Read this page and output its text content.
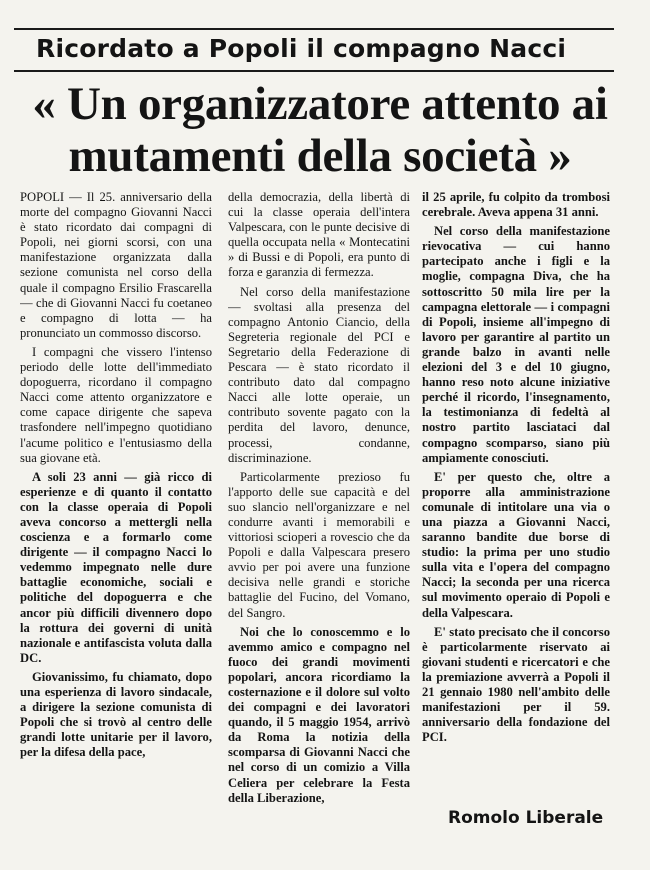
Ricordato a Popoli il compagno Nacci
« Un organizzatore attento ai
mutamenti della società »

POPOLI — Il 25. anniversario della morte del compagno Giovanni Nacci è stato ricordato dai compagni di Popoli, nei giorni scorsi, con una manifestazione organizzata dalla sezione comunista nel corso della quale il compagno Ersilio Frascarella — che di Giovanni Nacci fu coetaneo e compagno di lotta — ha pronunciato un commosso discorso.

I compagni che vissero l'intenso periodo delle lotte dell'immediato dopoguerra, ricordano il compagno Nacci come attento organizzatore e come capace dirigente che sapeva trasfondere nell'impegno quotidiano l'acume politico e l'entusiasmo della sua giovane età.

A soli 23 anni — già ricco di esperienze e di quanto il contatto con la classe operaia di Popoli aveva concorso a mettergli nella coscienza e a formarlo come dirigente — il compagno Nacci lo vedemmo impegnato nelle dure battaglie economiche, sociali e politiche del dopoguerra e che ancor più difficili divennero dopo la rottura dei governi di unità nazionale e antifascista voluta dalla DC.

Giovanissimo, fu chiamato, dopo una esperienza di lavoro sindacale, a dirigere la sezione comunista di Popoli che si trovò al centro delle grandi lotte unitarie per il lavoro, per la difesa della pace,

della democrazia, della libertà di cui la classe operaia dell'intera Valpescara, con le punte decisive di quella occupata nella « Montecatini » di Bussi e di Popoli, era punto di forza e garanzia di fermezza.

Nel corso della manifestazione — svoltasi alla presenza del compagno Antonio Ciancio, della Segreteria regionale del PCI e Segretario della Federazione di Pescara — è stato ricordato il contributo dato dal compagno Nacci alle lotte operaie, un contributo sovente pagato con la perdita del lavoro, denunce, processi, condanne, discriminazione.

Particolarmente prezioso fu l'apporto delle sue capacità e del suo slancio nell'organizzare e nel condurre avanti i memorabili e vittoriosi scioperi a rovescio che da Popoli e dalla Valpescara presero avvio per poi avere una funzione decisiva nelle grandi e storiche battaglie del Fucino, del Vomano, del Sangro.

Noi che lo conoscemmo e lo avemmo amico e compagno nel fuoco dei grandi movimenti popolari, ancora ricordiamo la costernazione e il dolore sul volto dei compagni e dei lavoratori quando, il 5 maggio 1954, arrivò da Roma la notizia della scomparsa di Giovanni Nacci che nel corso di un comizio a Villa Celiera per celebrare la Festa della Liberazione,

il 25 aprile, fu colpito da trombosi cerebrale. Aveva appena 31 anni.

Nel corso della manifestazione rievocativa — cui hanno partecipato anche i figli e la moglie, compagna Diva, che ha sottoscritto 50 mila lire per la campagna elettorale — i compagni di Popoli, insieme all'impegno di lavoro per garantire al partito un grande balzo in avanti nelle elezioni del 3 e del 10 giugno, hanno reso noto alcune iniziative perché il ricordo, l'insegnamento, la testimonianza di fedeltà al nostro partito lasciataci dal compagno scomparso, siano più ampiamente conosciuti.

E' per questo che, oltre a proporre alla amministrazione comunale di intitolare una via o una piazza a Giovanni Nacci, saranno bandite due borse di studio: la prima per uno studio sulla vita e l'opera del compagno Nacci; la seconda per una ricerca sul movimento operaio di Popoli e della Valpescara.

E' stato precisato che il concorso è particolarmente riservato ai giovani studenti e ricercatori e che la premiazione avverrà a Popoli il 21 gennaio 1980 nell'ambito delle manifestazioni per il 59. anniversario della fondazione del PCI.

Romolo Liberale
